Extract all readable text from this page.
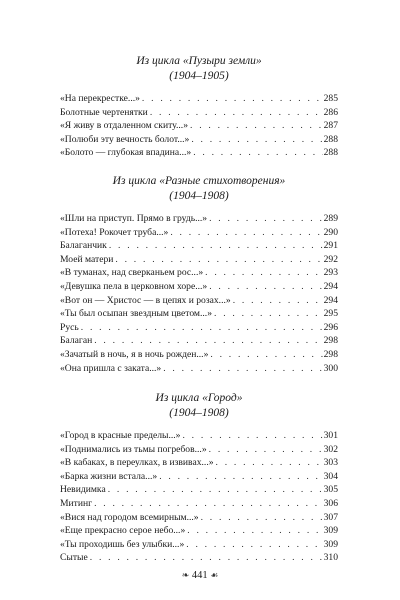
Из цикла «Пузыри земли»
(1904–1905)
«На перекрестке...» . . .	285
Болотные чертенятки . . .	286
«Я живу в отдаленном скиту...» . . .	287
«Полюби эту вечность болот...» . . .	288
«Болото — глубокая впадина...» . . .	288
Из цикла «Разные стихотворения»
(1904–1908)
«Шли на приступ. Прямо в грудь...» . . .	289
«Потеха! Рокочет труба...» . . .	290
Балаганчик . . .	291
Моей матери . . .	292
«В туманах, над сверканьем рос...» . . .	293
«Девушка пела в церковном хоре...» . . .	294
«Вот он — Христос — в цепях и розах...» . . .	294
«Ты был осыпан звездным цветом...» . . .	295
Русь . . .	296
Балаган . . .	298
«Зачатый в ночь, я в ночь рожден...» . . .	298
«Она пришла с заката...» . . .	300
Из цикла «Город»
(1904–1908)
«Город в красные пределы...» . . .	301
«Поднимались из тьмы погребов...» . . .	302
«В кабаках, в переулках, в извивах...» . . .	303
«Барка жизни встала...» . . .	304
Невидимка . . .	305
Митинг . . .	306
«Вися над городом всемирным...» . . .	307
«Еще прекрасно серое небо...» . . .	309
«Ты проходишь без улыбки...» . . .	309
Сытые . . .	310
❧ 441 ☙
